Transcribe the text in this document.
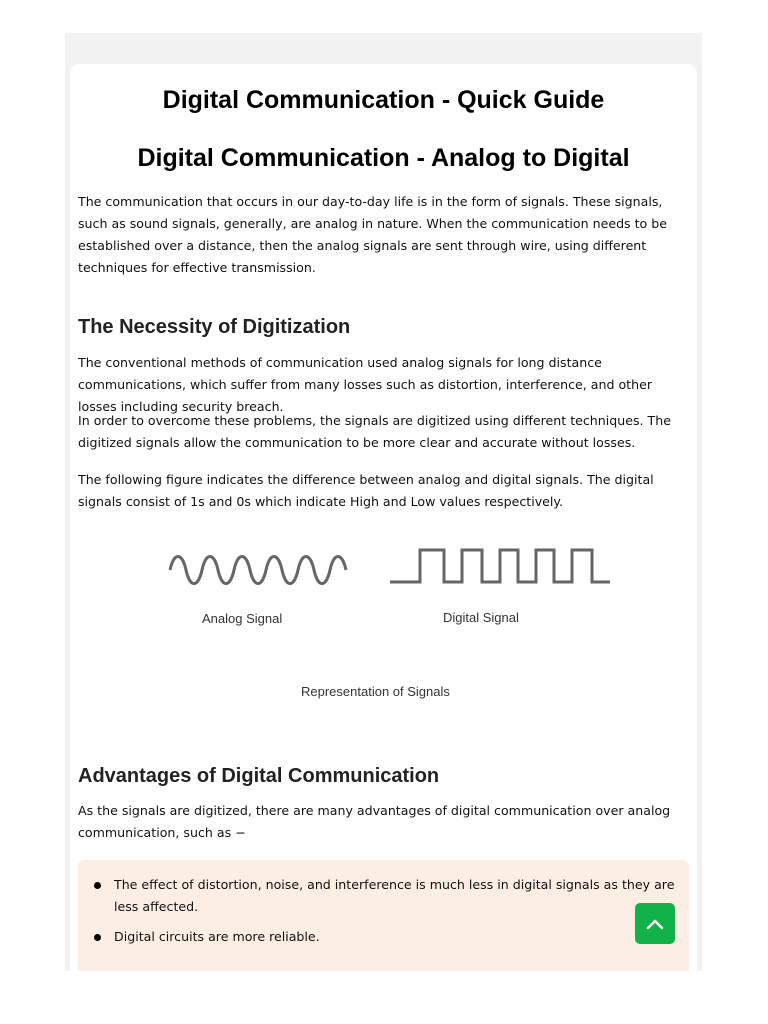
Digital Communication - Quick Guide
Digital Communication - Analog to Digital

The communication that occurs in our day-to-day life is in the form of signals. These signals, such as sound signals, generally, are analog in nature. When the communication needs to be established over a distance, then the analog signals are sent through wire, using different techniques for effective transmission.

The Necessity of Digitization

The conventional methods of communication used analog signals for long distance communications, which suffer from many losses such as distortion, interference, and other losses including security breach.

In order to overcome these problems, the signals are digitized using different techniques. The digitized signals allow the communication to be more clear and accurate without losses.

The following figure indicates the difference between analog and digital signals. The digital signals consist of 1s and 0s which indicate High and Low values respectively.

Analog Signal	Digital Signal
Representation of Signals
Advantages of Digital Communication

As the signals are digitized, there are many advantages of digital communication over analog communication, such as −

The effect of distortion, noise, and interference is much less in digital signals as they are less affected.
Digital circuits are more reliable.
